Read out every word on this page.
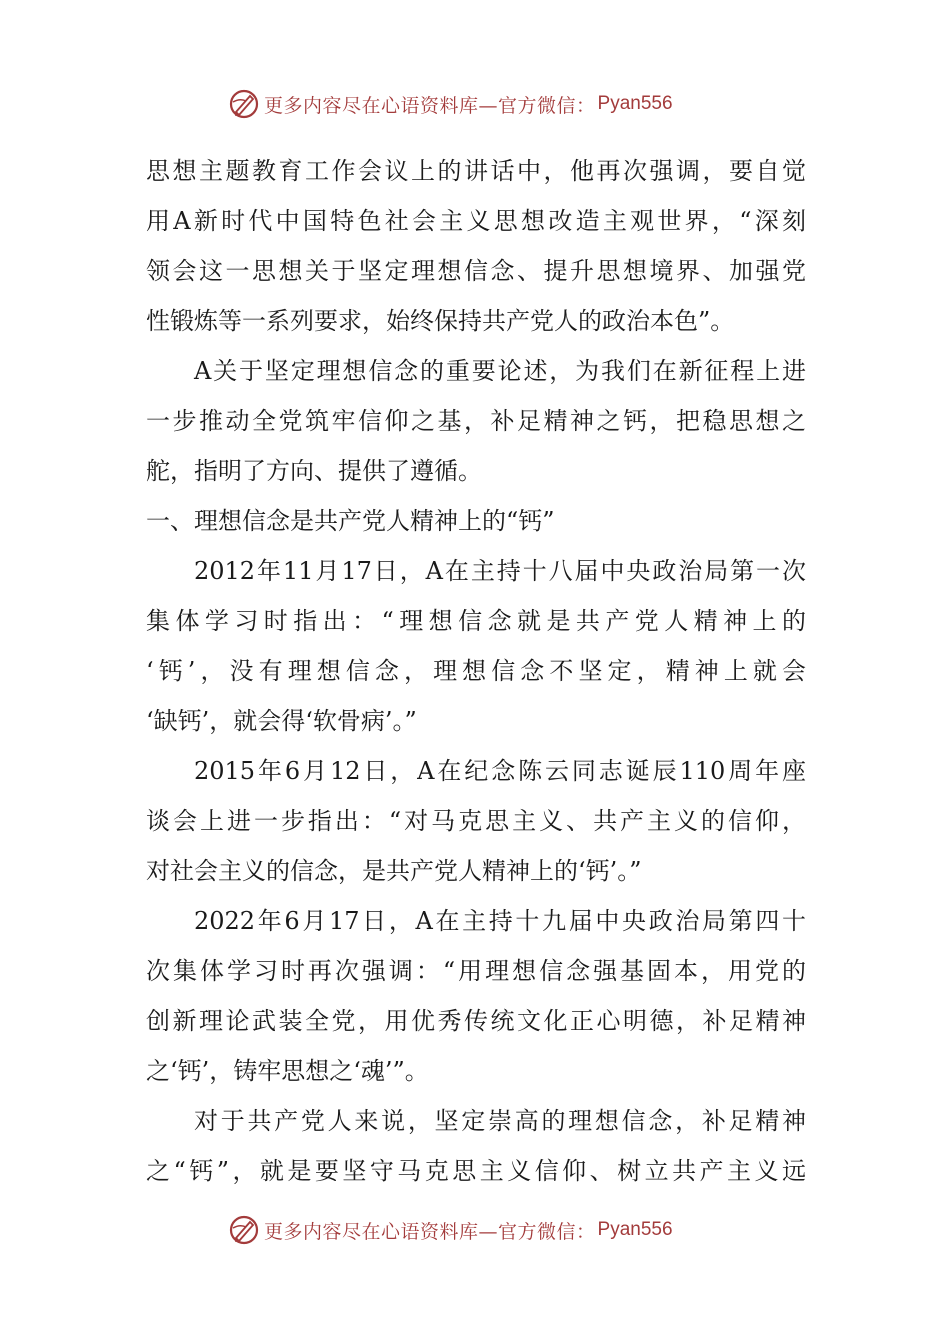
更多内容尽在心语资料库—官方微信： Pyan556
思想主题教育工作会议上的讲话中，他再次强调，要自觉
用A新时代中国特色社会主义思想改造主观世界，“深刻
领会这一思想关于坚定理想信念、提升思想境界、加强党
性锻炼等一系列要求，始终保持共产党人的政治本色”。
A关于坚定理想信念的重要论述，为我们在新征程上进
一步推动全党筑牢信仰之基，补足精神之钙，把稳思想之
舵，指明了方向、提供了遵循。
一、理想信念是共产党人精神上的“钙”
2012年11月17日，A在主持十八届中央政治局第一次
集体学习时指出：“理想信念就是共产党人精神上的
‘钙’，没有理想信念，理想信念不坚定，精神上就会
‘缺钙’，就会得‘软骨病’。”
2015年6月12日，A在纪念陈云同志诞辰110周年座
谈会上进一步指出：“对马克思主义、共产主义的信仰，
对社会主义的信念，是共产党人精神上的‘钙’。”
2022年6月17日，A在主持十九届中央政治局第四十
次集体学习时再次强调：“用理想信念强基固本，用党的
创新理论武装全党，用优秀传统文化正心明德，补足精神
之‘钙’，铸牢思想之‘魂’”。
对于共产党人来说，坚定崇高的理想信念，补足精神
之“钙”，就是要坚守马克思主义信仰、树立共产主义远
更多内容尽在心语资料库—官方微信： Pyan556
